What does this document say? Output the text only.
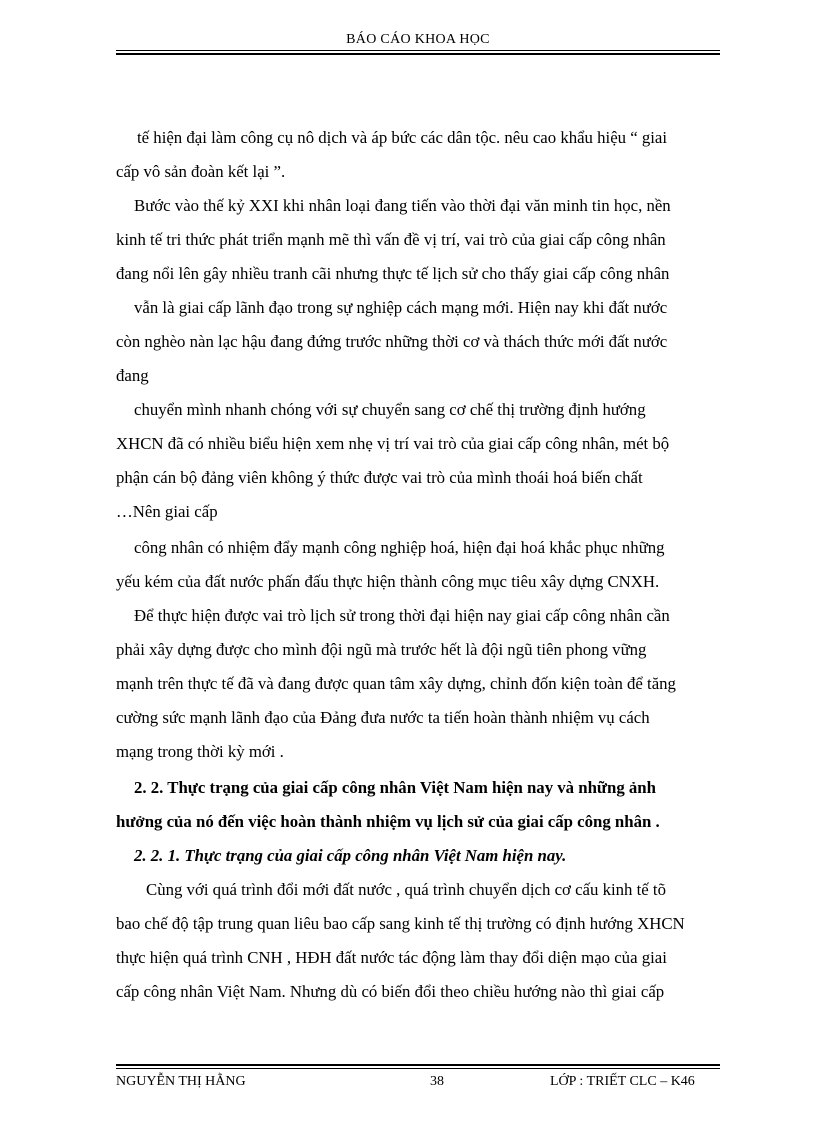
BÁO CÁO KHOA HỌC
tế hiện đại làm công cụ nô dịch và áp bức các dân tộc. nêu cao khẩu hiệu “ giai
cấp vô sản đoàn kết lại ”.
Bước vào thế kỷ XXI khi nhân loại đang tiến vào thời đại văn minh tin học, nền
kinh tế tri thức phát triển mạnh mẽ thì vấn đề vị trí, vai trò của giai cấp công nhân
đang nổi lên gây nhiều tranh cãi nhưng thực tế lịch sử cho thấy giai cấp công nhân
vẫn là giai cấp lãnh đạo trong sự nghiệp cách mạng mới. Hiện nay khi đất nước
còn nghèo nàn lạc hậu đang đứng trước những thời cơ và thách thức mới đất nước
đang
chuyển mình nhanh chóng với sự chuyển sang cơ chế thị trường định hướng
XHCN đã có nhiều biểu hiện xem nhẹ vị trí vai trò của giai cấp công nhân, mét bộ
phận cán bộ đảng viên không ý thức được vai trò của mình thoái hoá biến chất
…Nên giai cấp
công nhân có nhiệm đẩy mạnh công nghiệp hoá, hiện đại hoá khắc phục những
yếu kém của đất nước phấn đấu thực hiện thành công mục tiêu xây dựng CNXH.
Để thực hiện được vai trò lịch sử trong thời đại hiện nay giai cấp công nhân cần
phải xây dựng được cho mình đội ngũ mà trước hết là đội ngũ tiên phong vững
mạnh trên thực tế đã và đang được quan tâm xây dựng, chỉnh đốn kiện toàn để tăng
cường sức mạnh lãnh đạo của Đảng đưa nước ta tiến hoàn thành nhiệm vụ cách
mạng trong thời kỳ mới .
2. 2. Thực trạng của giai cấp công nhân Việt Nam hiện nay và những ảnh
hưởng của nó đến việc hoàn thành nhiệm vụ lịch sử của giai cấp công nhân .
2. 2. 1. Thực trạng của giai cấp công nhân Việt Nam hiện nay.
Cùng với quá trình đổi mới đất nước , quá trình chuyển dịch cơ cấu kinh tế tõ
bao chế độ tập trung quan liêu bao cấp sang kinh tế thị trường có định hướng XHCN
thực hiện quá trình CNH , HĐH đất nước tác động làm thay đổi diện mạo của giai
cấp công nhân Việt Nam. Nhưng dù có biến đổi theo chiều hướng nào thì giai cấp
NGUYỄN THỊ HẰNG	38	LỚP : TRIẾT CLC – K46
